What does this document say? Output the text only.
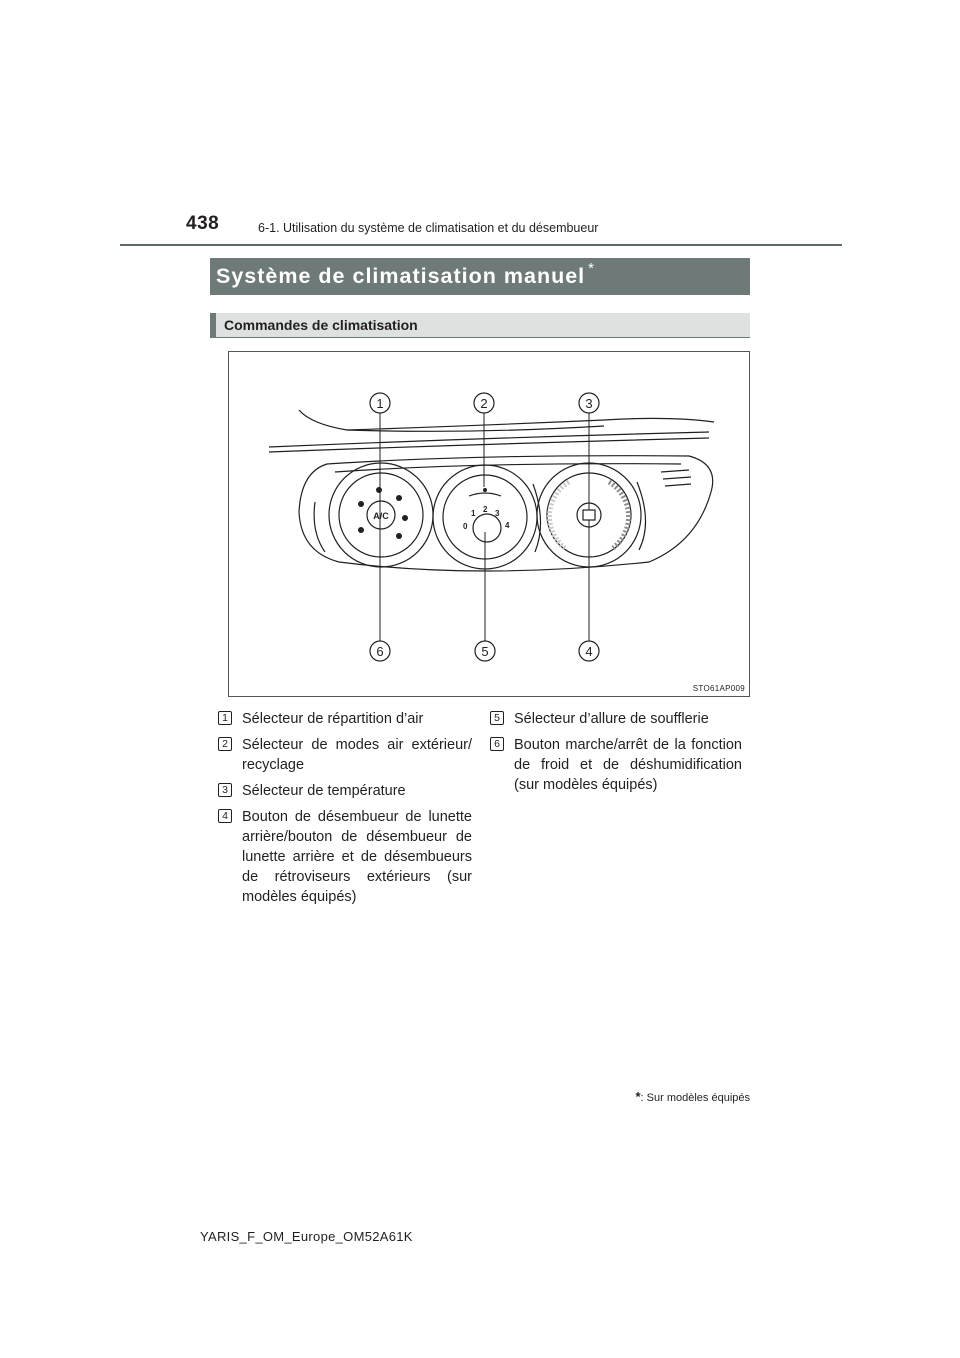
438	6-1. Utilisation du système de climatisation et du désembueur
Système de climatisation manuel *
Commandes de climatisation
A/C
0
1 2 3
4
1	2	3
4
5
6
STO61AP009
1 Sélecteur de répartition d’air
2 Sélecteur de modes air extérieur/ recyclage
3 Sélecteur de température
4 Bouton de désembueur de lunette arrière/bouton de désembueur de lunette arrière et de désembueurs de rétroviseurs extérieurs (sur modèles équipés)
5 Sélecteur d’allure de soufflerie
6 Bouton marche/arrêt de la fonction de froid et de déshumidification (sur modèles équipés)
*: Sur modèles équipés
YARIS_F_OM_Europe_OM52A61K
